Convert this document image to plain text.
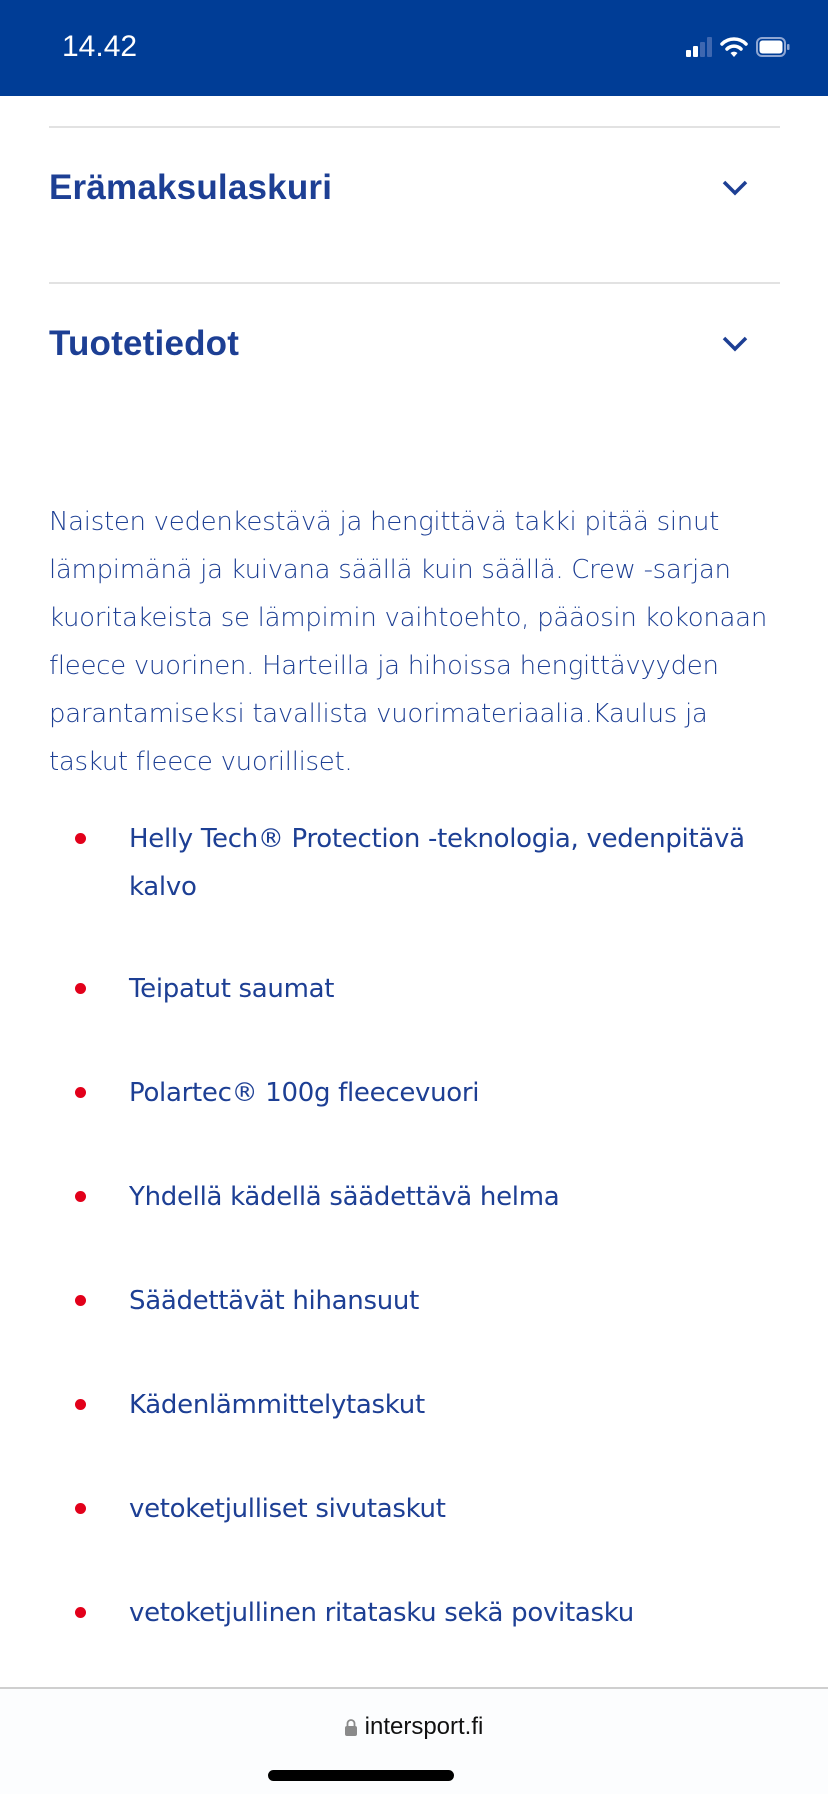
14.42
Erämaksulaskuri
Tuotetiedot

Naisten vedenkestävä ja hengittävä takki pitää sinut lämpimänä ja kuivana säällä kuin säällä. Crew -sarjan kuoritakeista se lämpimin vaihtoehto, pääosin kokonaan fleece vuorinen. Harteilla ja hihoissa hengittävyyden parantamiseksi tavallista vuorimateriaalia.Kaulus ja taskut fleece vuorilliset.

Helly Tech® Protection -teknologia, vedenpitävä kalvo
Teipatut saumat
Polartec® 100g fleecevuori
Yhdellä kädellä säädettävä helma
Säädettävät hihansuut
Kädenlämmittelytaskut
vetoketjulliset sivutaskut
vetoketjullinen ritatasku sekä povitasku
intersport.fi
